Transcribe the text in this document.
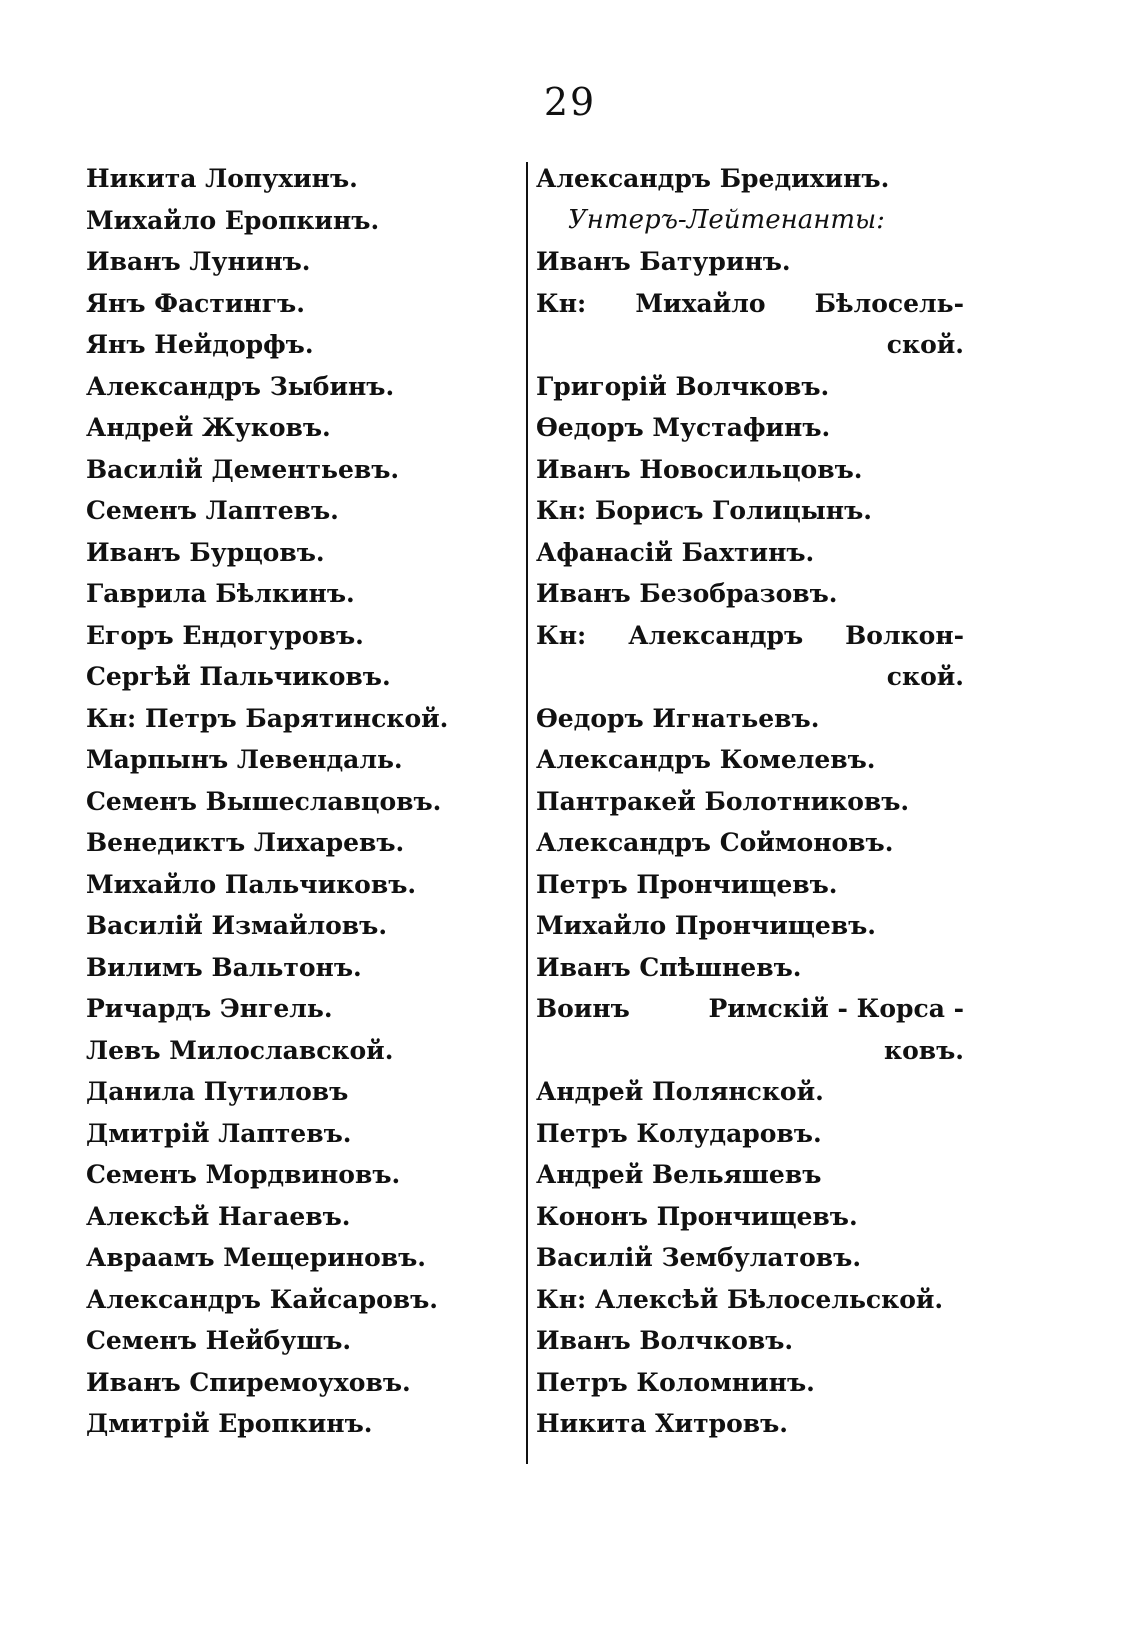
29
Никита Лопухинъ.
Михайло Еропкинъ.
Иванъ Лунинъ.
Янъ Фастингъ.
Янъ Нейдорфъ.
Александръ Зыбинъ.
Андрей Жуковъ.
Василій Дементьевъ.
Семенъ Лаптевъ.
Иванъ Бурцовъ.
Гаврила Бѣлкинъ.
Егоръ Ендогуровъ.
Сергѣй Пальчиковъ.
Кн: Петръ Барятинской.
Марпынъ Левендаль.
Семенъ Вышеславцовъ.
Венедиктъ Лихаревъ.
Михайло Пальчиковъ.
Василій Измайловъ.
Вилимъ Вальтонъ.
Ричардъ Энгель.
Левъ Милославской.
Данила Путиловъ
Дмитрій Лаптевъ.
Семенъ Мордвиновъ.
Алексѣй Нагаевъ.
Авраамъ Мещериновъ.
Александръ Кайсаровъ.
Семенъ Нейбушъ.
Иванъ Спиремоуховъ.
Дмитрій Еропкинъ.
Александръ Бредихинъ.
Унтеръ-Лейтенанты:
Иванъ Батуринъ.
Кн: Михайло Бѣлосель-
ской.
Григорій Волчковъ.
Ѳедоръ Мустафинъ.
Иванъ Новосильцовъ.
Кн: Борисъ Голицынъ.
Афанасій Бахтинъ.
Иванъ Безобразовъ.
Кн: Александръ Волкон-
ской.
Ѳедоръ Игнатьевъ.
Александръ Комелевъ.
Пантракей Болотниковъ.
Александръ Соймоновъ.
Петръ Прончищевъ.
Михайло Прончищевъ.
Иванъ Спѣшневъ.
Воинъ	Римскій - Корса -
ковъ.
Андрей Полянской.
Петръ Колударовъ.
Андрей Вельяшевъ
Кононъ Прончищевъ.
Василій Зембулатовъ.
Кн: Алексѣй Бѣлосельской.
Иванъ Волчковъ.
Петръ Коломнинъ.
Никита Хитровъ.
